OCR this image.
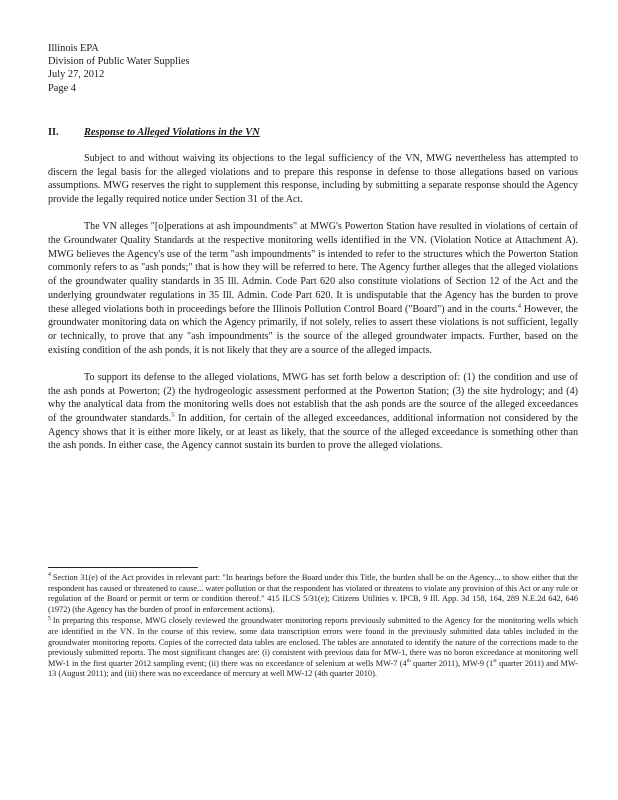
Illinois EPA
Division of Public Water Supplies
July 27, 2012
Page 4
II. Response to Alleged Violations in the VN

Subject to and without waiving its objections to the legal sufficiency of the VN, MWG nevertheless has attempted to discern the legal basis for the alleged violations and to prepare this response in defense to those allegations based on various assumptions. MWG reserves the right to supplement this response, including by submitting a separate response should the Agency provide the legally required notice under Section 31 of the Act.

The VN alleges "[o]perations at ash impoundments" at MWG's Powerton Station have resulted in violations of certain of the Groundwater Quality Standards at the respective monitoring wells identified in the VN. (Violation Notice at Attachment A). MWG believes the Agency's use of the term "ash impoundments" is intended to refer to the structures which the Powerton Station commonly refers to as "ash ponds;" that is how they will be referred to here. The Agency further alleges that the alleged violations of the groundwater quality standards in 35 Ill. Admin. Code Part 620 also constitute violations of Section 12 of the Act and the underlying groundwater regulations in 35 Ill. Admin. Code Part 620. It is undisputable that the Agency has the burden to prove these alleged violations both in proceedings before the Illinois Pollution Control Board ("Board") and in the courts.$^4$ However, the groundwater monitoring data on which the Agency primarily, if not solely, relies to assert these violations is not sufficient, legally or technically, to prove that any "ash impoundments" is the source of the alleged groundwater impacts. Further, based on the existing condition of the ash ponds, it is not likely that they are a source of the alleged impacts.

To support its defense to the alleged violations, MWG has set forth below a description of: (1) the condition and use of the ash ponds at Powerton; (2) the hydrogeologic assessment performed at the Powerton Station; (3) the site hydrology; and (4) why the analytical data from the monitoring wells does not establish that the ash ponds are the source of the alleged exceedances of the groundwater standards.$^5$ In addition, for certain of the alleged exceedances, additional information not considered by the Agency shows that it is either more likely, or at least as likely, that the source of the alleged exceedance is something other than the ash ponds. In either case, the Agency cannot sustain its burden to prove the alleged violations.

$^4$ Section 31(e) of the Act provides in relevant part: "In hearings before the Board under this Title, the burden shall be on the Agency... to show either that the respondent has caused or threatened to cause... water pollution or that the respondent has violated or threatens to violate any provision of this Act or any rule or regulation of the Board or permit or term or condition thereof." 415 ILCS 5/31(e); Citizens Utilities v. IPCB, 9 Ill. App. 3d 158, 164, 289 N.E.2d 642, 646 (1972) (the Agency has the burden of proof in enforcement actions).

$^5$ In preparing this response, MWG closely reviewed the groundwater monitoring reports previously submitted to the Agency for the monitoring wells which are identified in the VN. In the course of this review, some data transcription errors were found in the previously submitted data tables included in the groundwater monitoring reports. Copies of the corrected data tables are enclosed. The tables are annotated to identify the nature of the corrections made to the previously submitted reports. The most significant changes are: (i) consistent with previous data for MW-1, there was no boron exceedance at monitoring well MW-1 in the first quarter 2012 sampling event; (ii) there was no exceedance of selenium at wells MW-7 (4th quarter 2011), MW-9 (1st quarter 2011) and MW-13 (August 2011); and (iii) there was no exceedance of mercury at well MW-12 (4th quarter 2010).
